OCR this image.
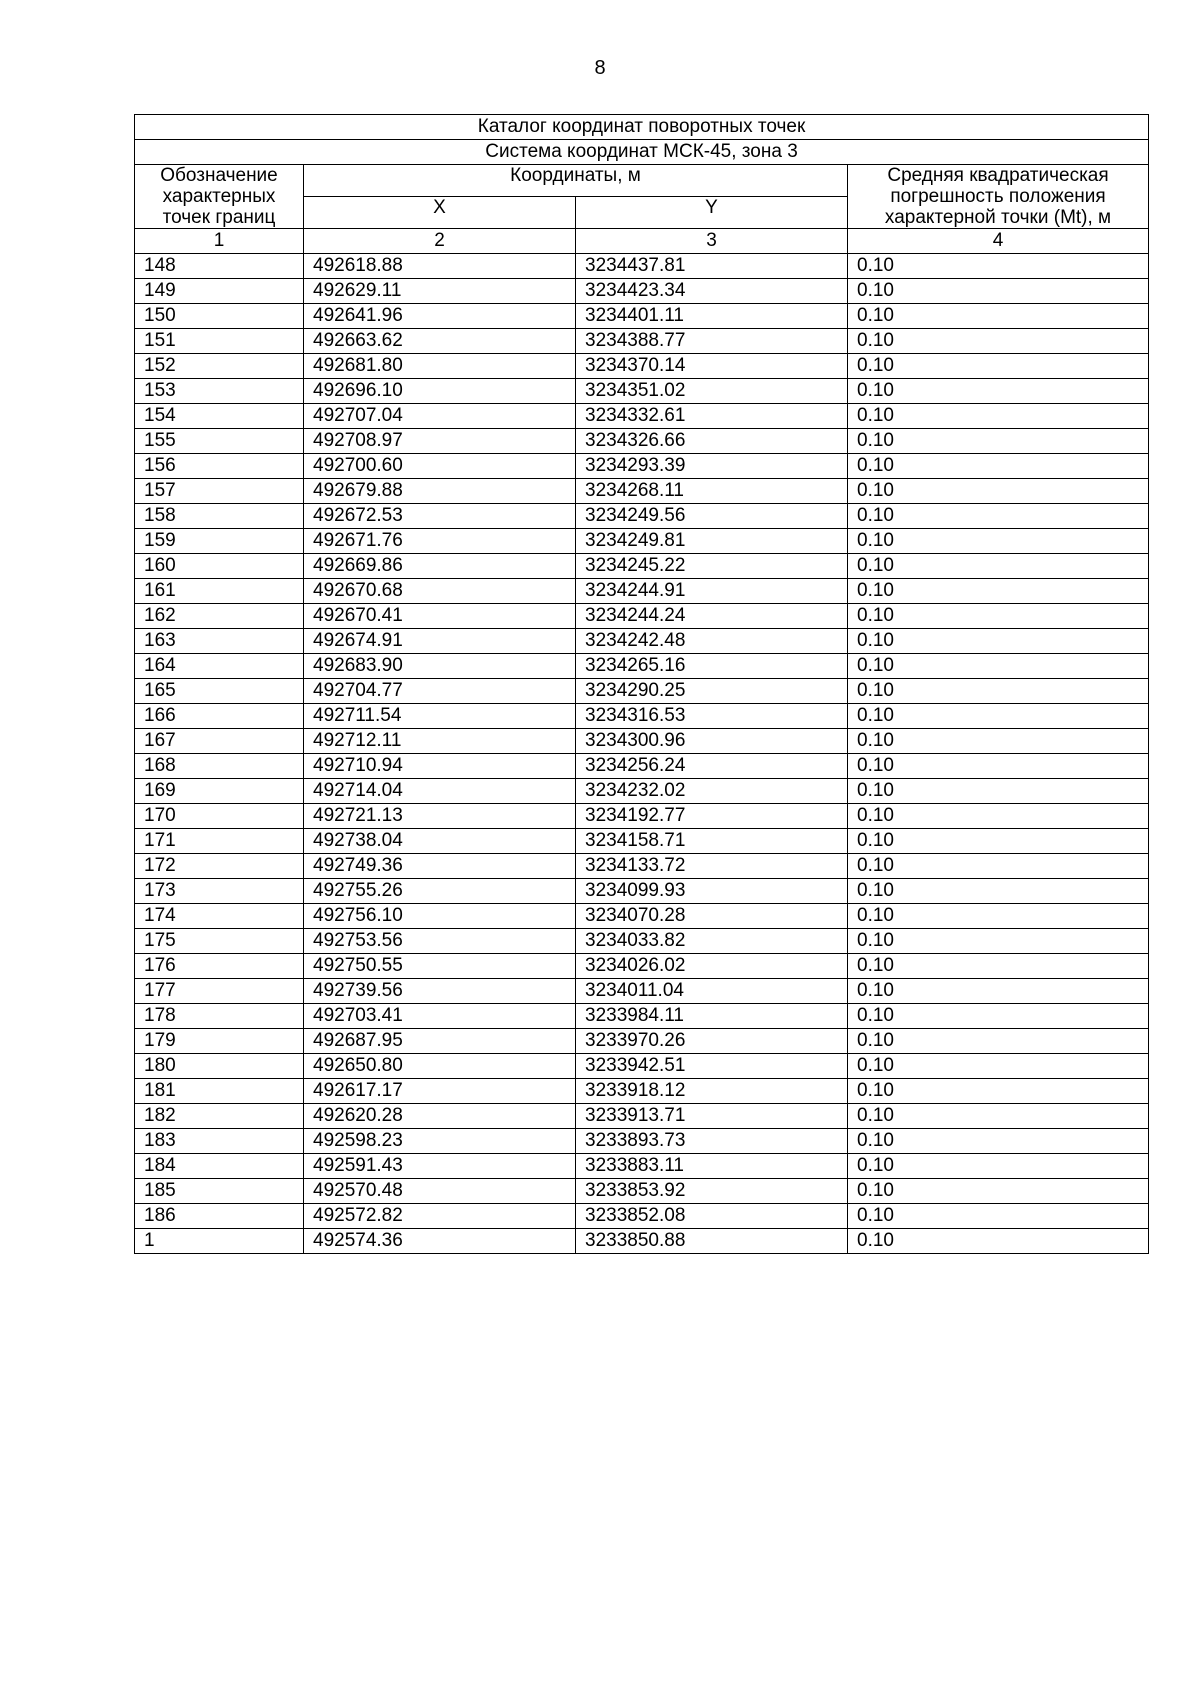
8
Каталог координат поворотных точек			
Система координат МСК-45, зона 3			
Обозначение характерных точек границ	Координаты, м		Средняя квадратическая погрешность положения характерной точки (Mt), м
	X	Y	
1	2	3	4
148	492618.88	3234437.81	0.10
149	492629.11	3234423.34	0.10
150	492641.96	3234401.11	0.10
151	492663.62	3234388.77	0.10
152	492681.80	3234370.14	0.10
153	492696.10	3234351.02	0.10
154	492707.04	3234332.61	0.10
155	492708.97	3234326.66	0.10
156	492700.60	3234293.39	0.10
157	492679.88	3234268.11	0.10
158	492672.53	3234249.56	0.10
159	492671.76	3234249.81	0.10
160	492669.86	3234245.22	0.10
161	492670.68	3234244.91	0.10
162	492670.41	3234244.24	0.10
163	492674.91	3234242.48	0.10
164	492683.90	3234265.16	0.10
165	492704.77	3234290.25	0.10
166	492711.54	3234316.53	0.10
167	492712.11	3234300.96	0.10
168	492710.94	3234256.24	0.10
169	492714.04	3234232.02	0.10
170	492721.13	3234192.77	0.10
171	492738.04	3234158.71	0.10
172	492749.36	3234133.72	0.10
173	492755.26	3234099.93	0.10
174	492756.10	3234070.28	0.10
175	492753.56	3234033.82	0.10
176	492750.55	3234026.02	0.10
177	492739.56	3234011.04	0.10
178	492703.41	3233984.11	0.10
179	492687.95	3233970.26	0.10
180	492650.80	3233942.51	0.10
181	492617.17	3233918.12	0.10
182	492620.28	3233913.71	0.10
183	492598.23	3233893.73	0.10
184	492591.43	3233883.11	0.10
185	492570.48	3233853.92	0.10
186	492572.82	3233852.08	0.10
1	492574.36	3233850.88	0.10
